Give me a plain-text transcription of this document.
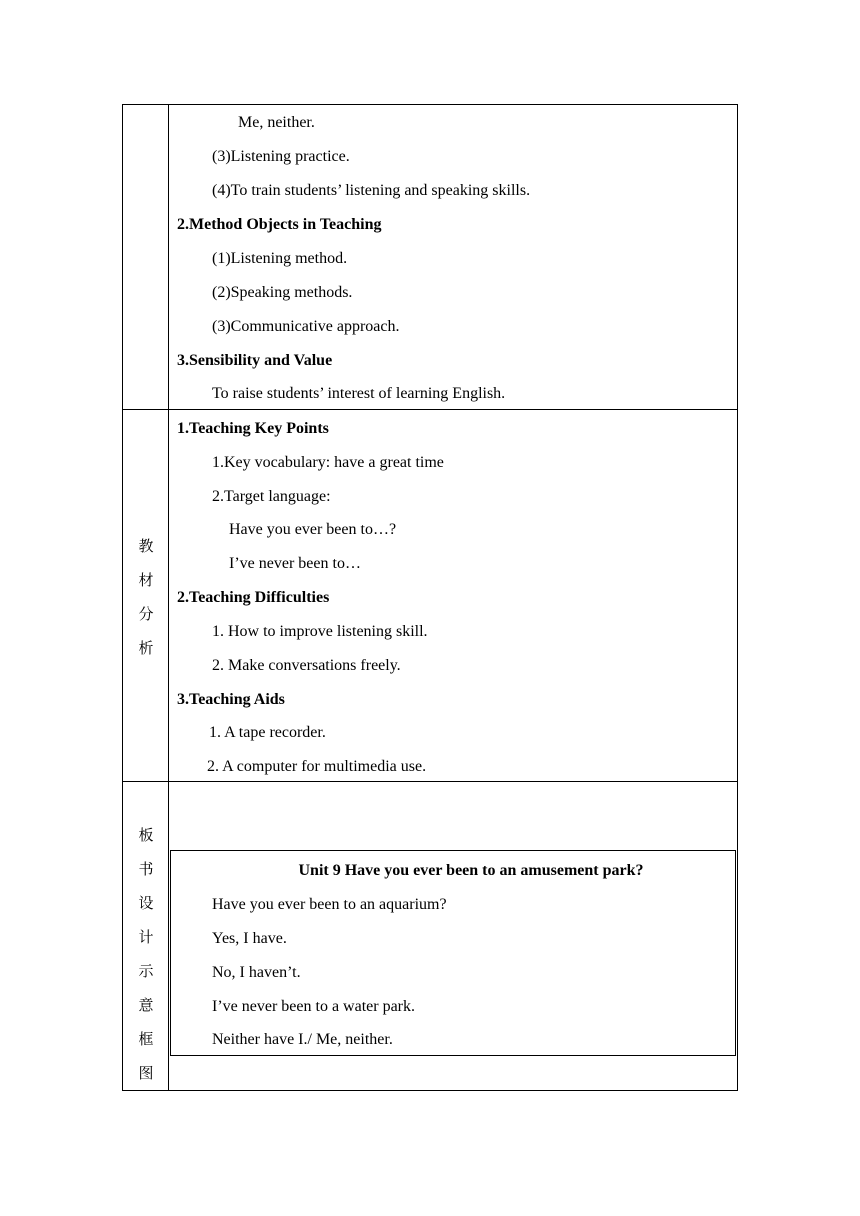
Me, neither.
(3)Listening practice.
(4)To train students’ listening and speaking skills.
2.Method Objects in Teaching
(1)Listening method.
(2)Speaking methods.
(3)Communicative approach.
3.Sensibility and Value
To raise students’ interest of learning English.
教
材
分
析
1.Teaching Key Points
1.Key vocabulary: have a great time
2.Target language:
Have you ever been to…?
I’ve never been to…
2.Teaching Difficulties
1. How to improve listening skill.
2. Make conversations freely.
3.Teaching Aids
1. A tape recorder.
2. A computer for multimedia use.
板
书
设
计
示
意
框
图
Unit 9 Have you ever been to an amusement park?
Have you ever been to an aquarium?
Yes, I have.
No, I haven’t.
I’ve never been to a water park.
Neither have I./ Me, neither.
